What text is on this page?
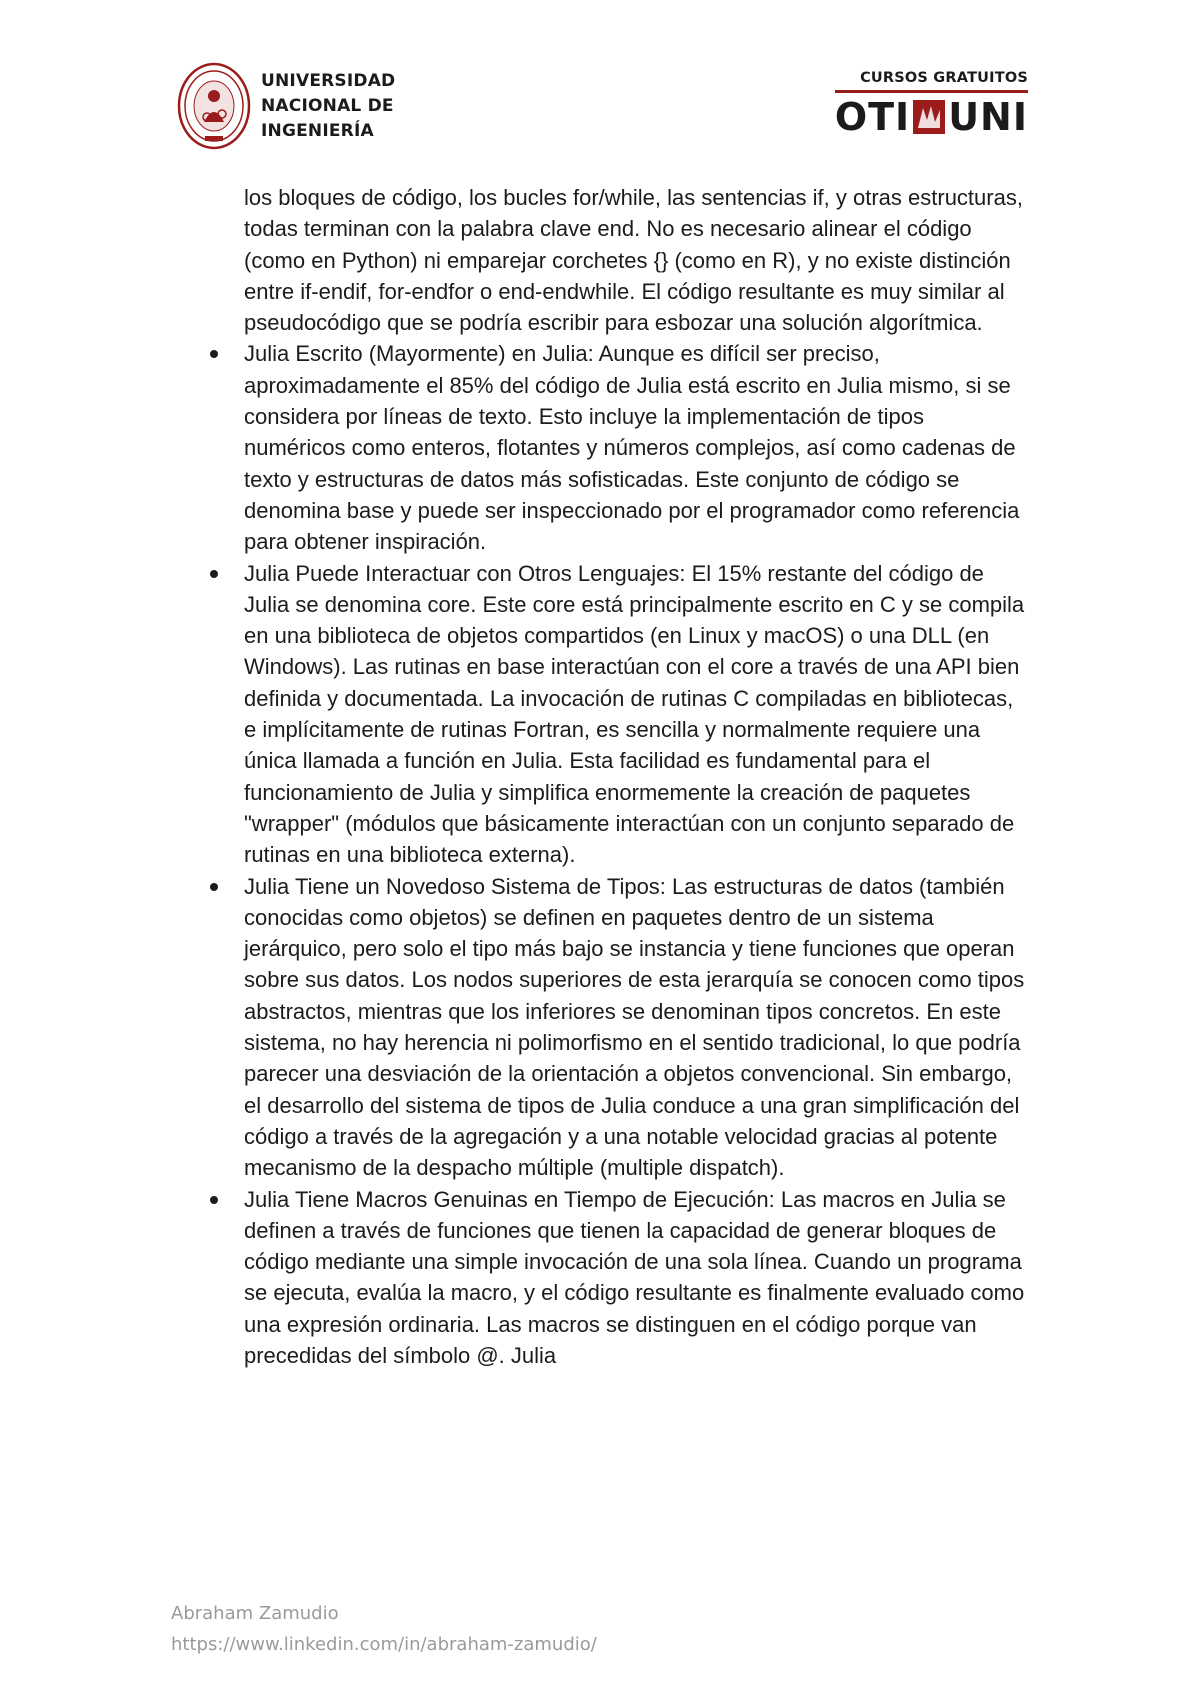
UNIVERSIDAD
NACIONAL DE
INGENIERÍA
CURSOS GRATUITOS
OTI UNI

los bloques de código, los bucles for/while, las sentencias if, y otras estructuras, todas terminan con la palabra clave end. No es necesario alinear el código (como en Python) ni emparejar corchetes {} (como en R), y no existe distinción entre if-endif, for-endfor o end-endwhile. El código resultante es muy similar al pseudocódigo que se podría escribir para esbozar una solución algorítmica.

Julia Escrito (Mayormente) en Julia: Aunque es difícil ser preciso, aproximadamente el 85% del código de Julia está escrito en Julia mismo, si se considera por líneas de texto. Esto incluye la implementación de tipos numéricos como enteros, flotantes y números complejos, así como cadenas de texto y estructuras de datos más sofisticadas. Este conjunto de código se denomina base y puede ser inspeccionado por el programador como referencia para obtener inspiración.
Julia Puede Interactuar con Otros Lenguajes: El 15% restante del código de Julia se denomina core. Este core está principalmente escrito en C y se compila en una biblioteca de objetos compartidos (en Linux y macOS) o una DLL (en Windows). Las rutinas en base interactúan con el core a través de una API bien definida y documentada. La invocación de rutinas C compiladas en bibliotecas, e implícitamente de rutinas Fortran, es sencilla y normalmente requiere una única llamada a función en Julia. Esta facilidad es fundamental para el funcionamiento de Julia y simplifica enormemente la creación de paquetes "wrapper" (módulos que básicamente interactúan con un conjunto separado de rutinas en una biblioteca externa).
Julia Tiene un Novedoso Sistema de Tipos: Las estructuras de datos (también conocidas como objetos) se definen en paquetes dentro de un sistema jerárquico, pero solo el tipo más bajo se instancia y tiene funciones que operan sobre sus datos. Los nodos superiores de esta jerarquía se conocen como tipos abstractos, mientras que los inferiores se denominan tipos concretos. En este sistema, no hay herencia ni polimorfismo en el sentido tradicional, lo que podría parecer una desviación de la orientación a objetos convencional. Sin embargo, el desarrollo del sistema de tipos de Julia conduce a una gran simplificación del código a través de la agregación y a una notable velocidad gracias al potente mecanismo de la despacho múltiple (multiple dispatch).
Julia Tiene Macros Genuinas en Tiempo de Ejecución: Las macros en Julia se definen a través de funciones que tienen la capacidad de generar bloques de código mediante una simple invocación de una sola línea. Cuando un programa se ejecuta, evalúa la macro, y el código resultante es finalmente evaluado como una expresión ordinaria. Las macros se distinguen en el código porque van precedidas del símbolo @. Julia
Abraham Zamudio
https://www.linkedin.com/in/abraham-zamudio/
